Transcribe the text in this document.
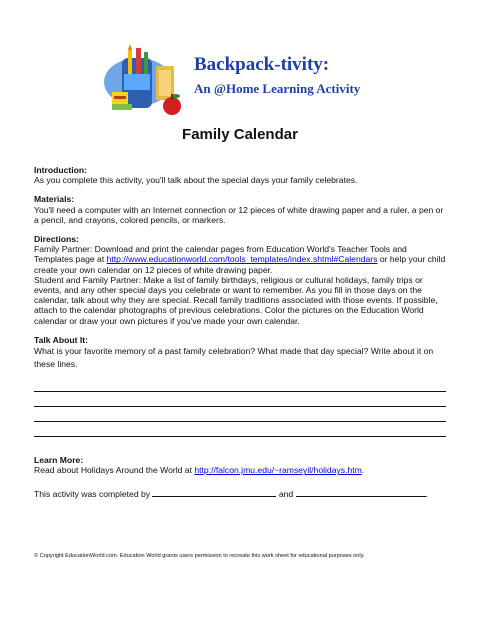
Backpack-tivity:
An @Home Learning Activity
Family Calendar
Introduction:
As you complete this activity, you'll talk about the special days your family celebrates.
Materials:
You'll need a computer with an Internet connection or 12 pieces of white drawing paper and a ruler, a pen or a pencil, and crayons, colored pencils, or markers.
Directions:
Family Partner: Download and print the calendar pages from Education World's Teacher Tools and Templates page at http://www.educationworld.com/tools_templates/index.shtml#Calendars or help your child create your own calendar on 12 pieces of white drawing paper.
Student and Family Partner: Make a list of family birthdays, religious or cultural holidays, family trips or events, and any other special days you celebrate or want to remember. As you fill in those days on the calendar, talk about why they are special. Recall family traditions associated with those events. If possible, attach to the calendar photographs of previous celebrations. Color the pictures on the Education World calendar or draw your own pictures if you've made your own calendar.
Talk About It:
What is your favorite memory of a past family celebration? What made that day special? Write about it on these lines.
Learn More:
Read about Holidays Around the World at http://falcon.jmu.edu/~ramseyil/holidays.htm.
This activity was completed by	and	.
© Copyright EducationWorld.com. Education World grants users permission to recreate this work sheet for educational purposes only.
